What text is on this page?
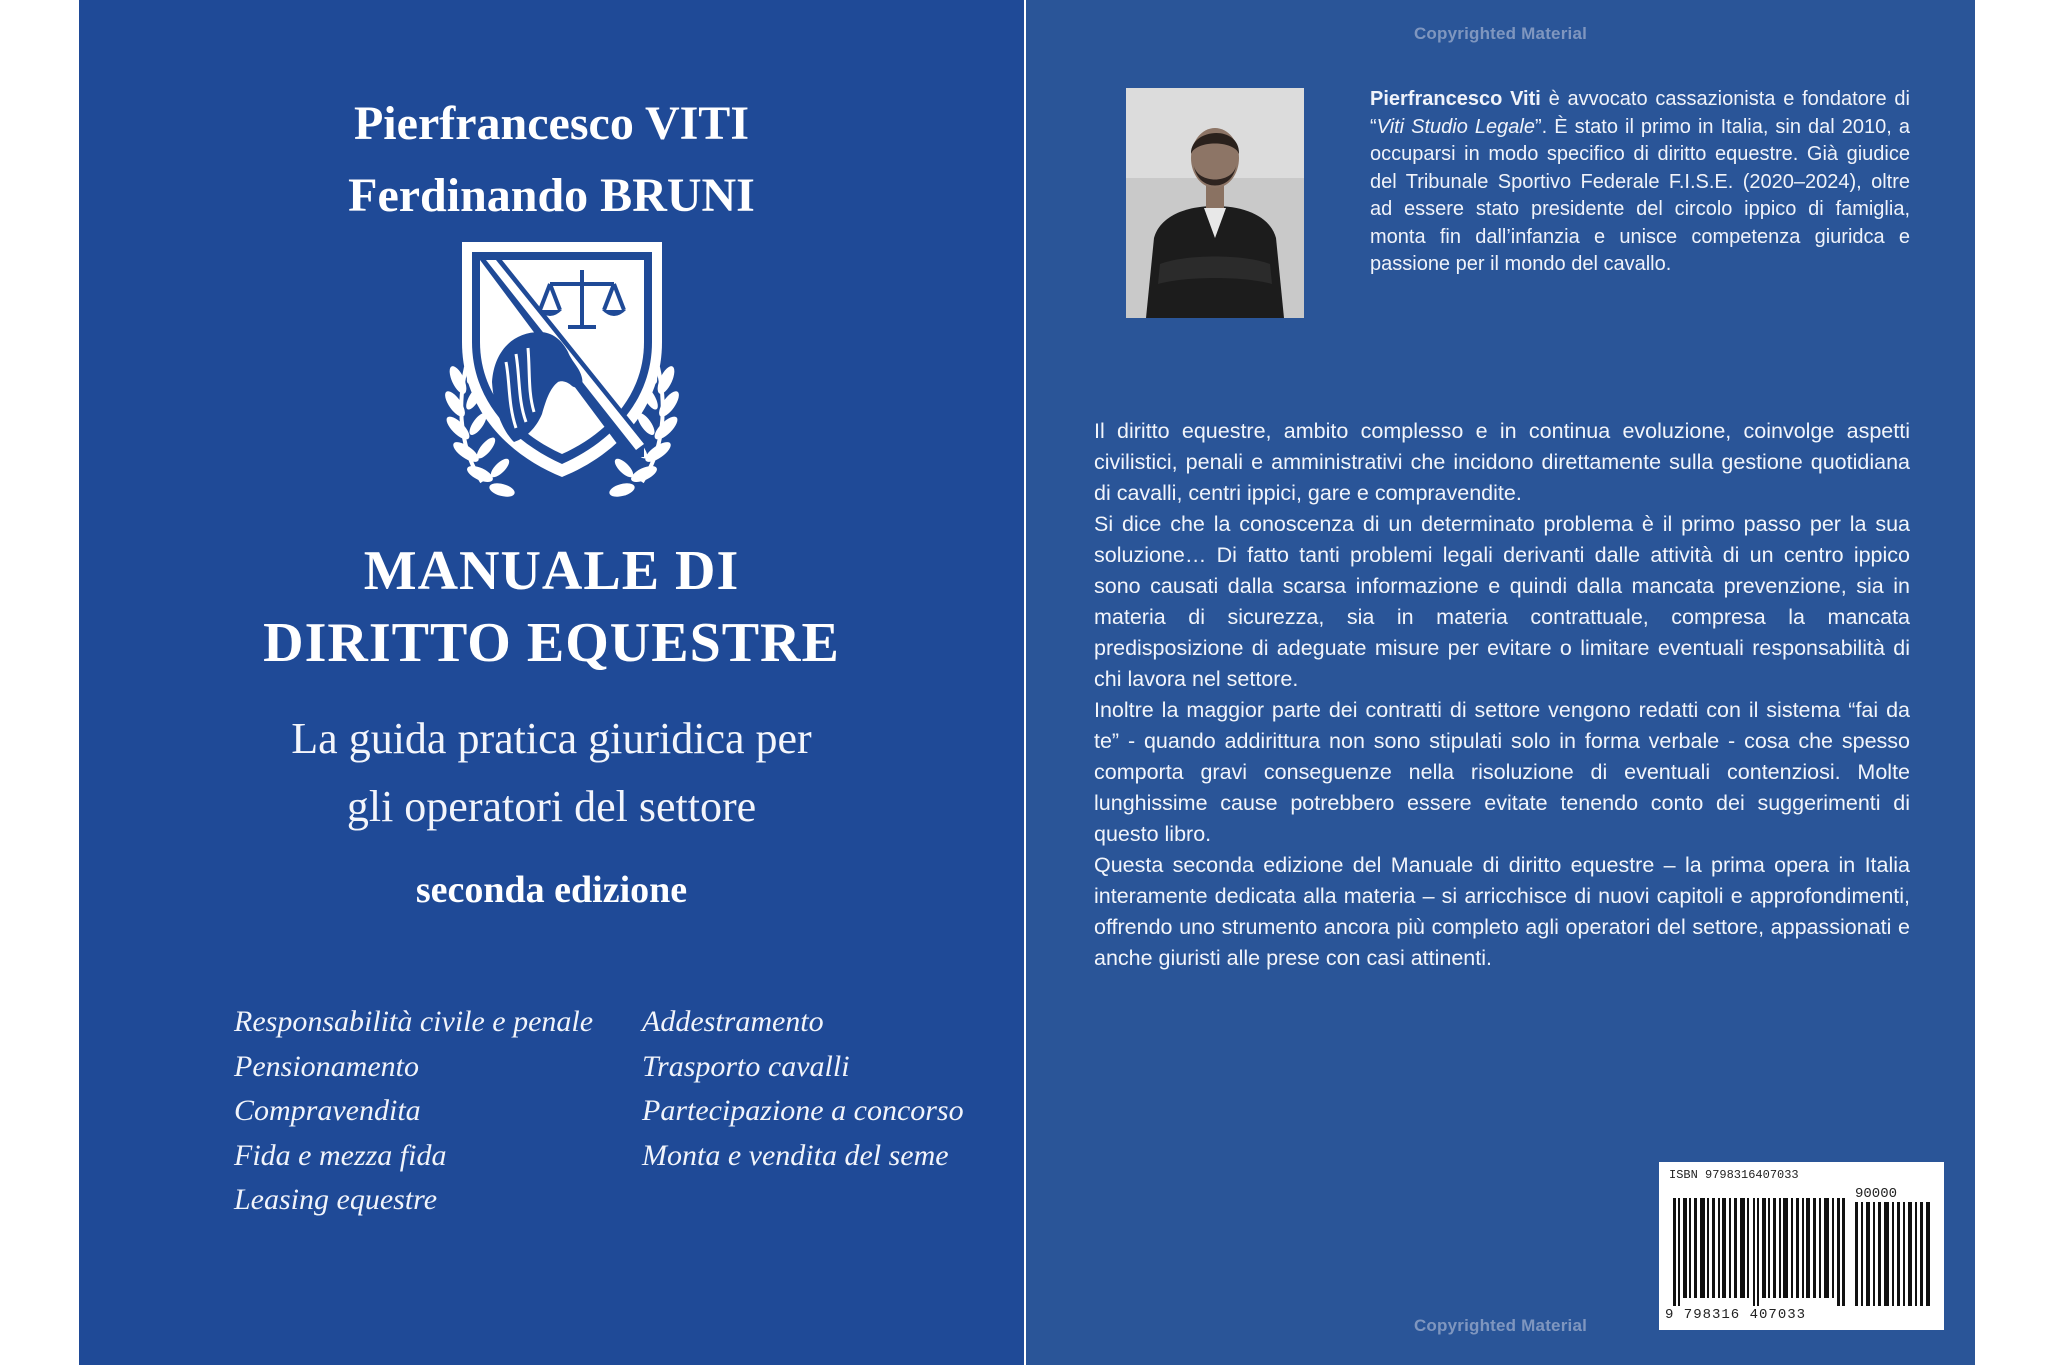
Pierfrancesco VITI
Ferdinando BRUNI
MANUALE DI
DIRITTO EQUESTRE
La guida pratica giuridica per
gli operatori del settore
seconda edizione
Responsabilità civile e penale
Pensionamento
Compravendita
Fida e mezza fida
Leasing equestre
Addestramento
Trasporto cavalli
Partecipazione a concorso
Monta e vendita del seme
Copyrighted Material
Pierfrancesco Viti è avvocato cassazionista e fondatore di “Viti Studio Legale”. È stato il primo in Italia, sin dal 2010, a occuparsi in modo specifico di diritto equestre. Già giudice del Tribunale Sportivo Federale F.I.S.E. (2020–2024), oltre ad essere stato presidente del circolo ippico di famiglia, monta fin dall’infanzia e unisce competenza giuridca e passione per il mondo del cavallo.

Il diritto equestre, ambito complesso e in continua evoluzione, coinvolge aspetti civilistici, penali e amministrativi che incidono direttamente sulla gestione quotidiana di cavalli, centri ippici, gare e compravendite.

Si dice che la conoscenza di un determinato problema è il primo passo per la sua soluzione… Di fatto tanti problemi legali derivanti dalle attività di un centro ippico sono causati dalla scarsa informazione e quindi dalla mancata prevenzione, sia in materia di sicurezza, sia in materia contrattuale, compresa la mancata predisposizione di adeguate misure per evitare o limitare eventuali responsabilità di chi lavora nel settore.

Inoltre la maggior parte dei contratti di settore vengono redatti con il sistema “fai da te” - quando addirittura non sono stipulati solo in forma verbale - cosa che spesso comporta gravi conseguenze nella risoluzione di eventuali contenziosi. Molte lunghissime cause potrebbero essere evitate tenendo conto dei suggerimenti di questo libro.

Questa seconda edizione del Manuale di diritto equestre – la prima opera in Italia interamente dedicata alla materia – si arricchisce di nuovi capitoli e approfondimenti, offrendo uno strumento ancora più completo agli operatori del settore, appassionati e anche giuristi alle prese con casi attinenti.

ISBN 9798316407033
90000
9 798316 407033
Copyrighted Material
